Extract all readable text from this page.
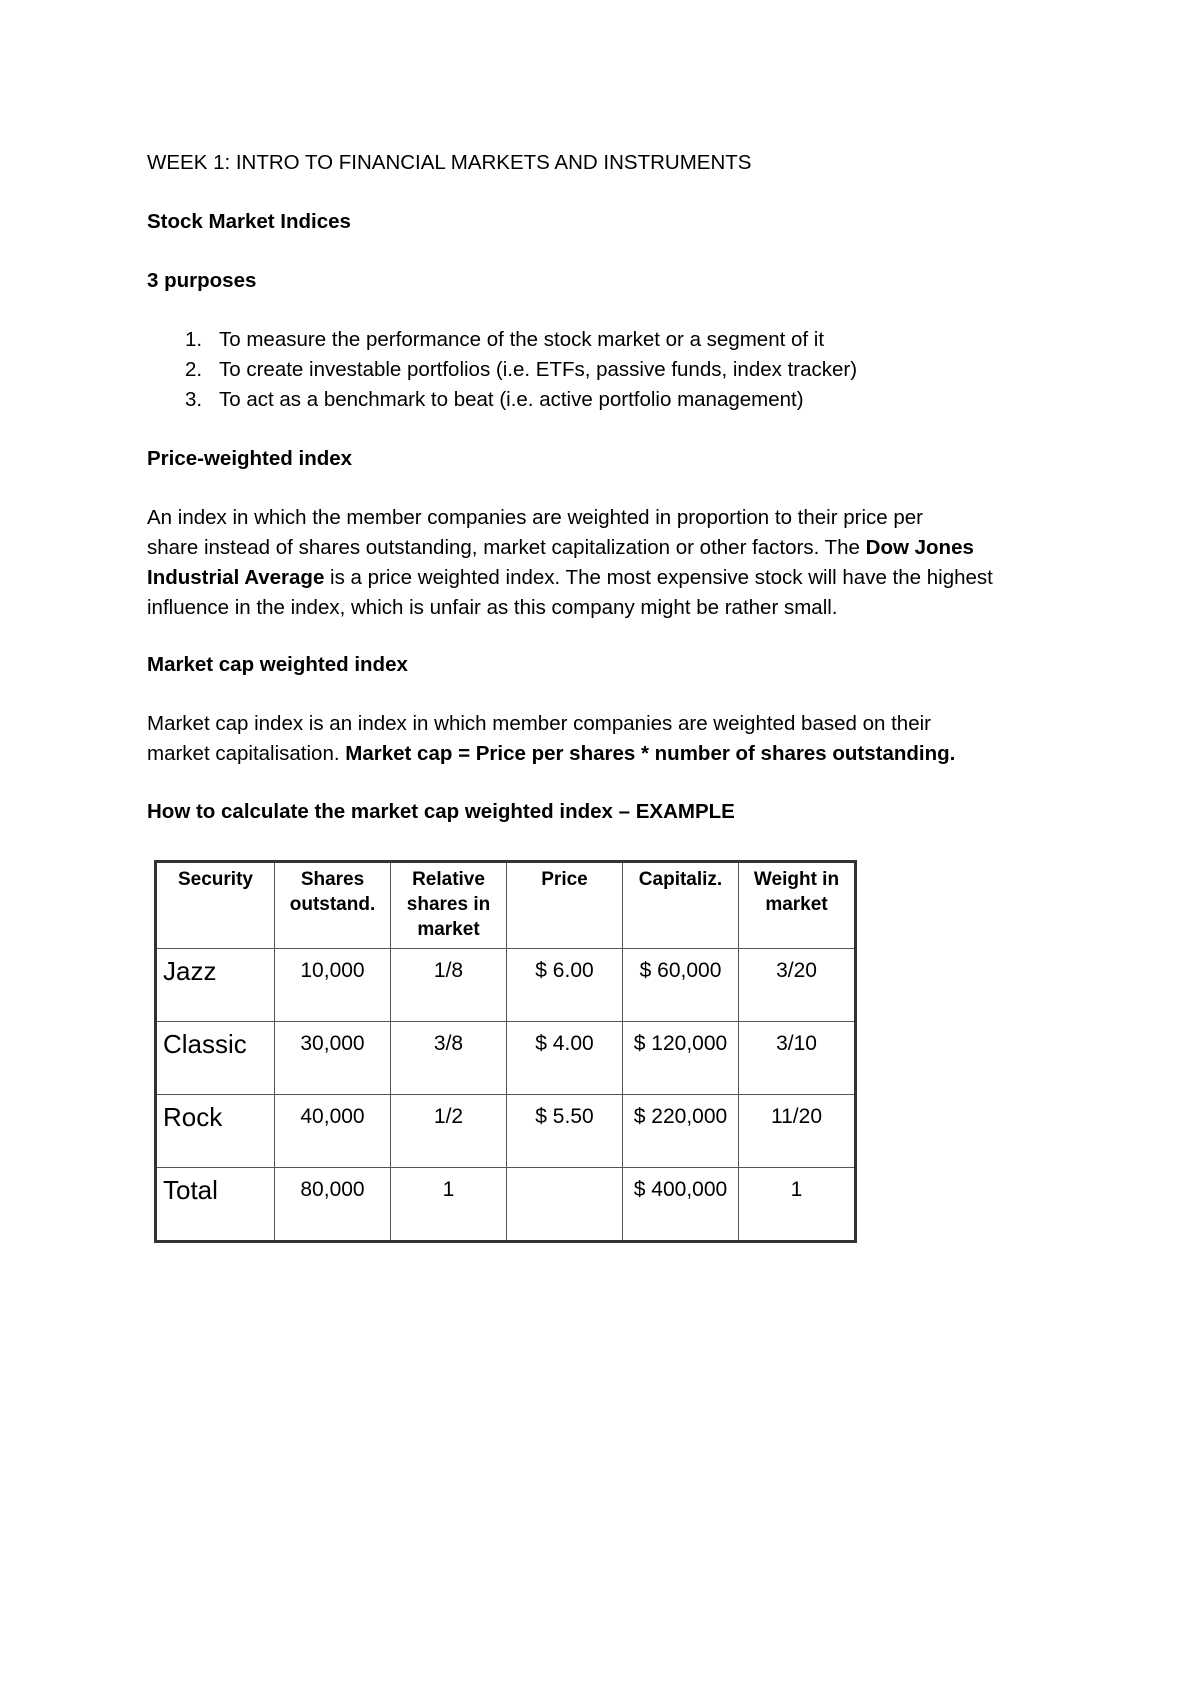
WEEK 1: INTRO TO FINANCIAL MARKETS AND INSTRUMENTS

Stock Market Indices

3 purposes

1. To measure the performance of the stock market or a segment of it
2. To create investable portfolios (i.e. ETFs, passive funds, index tracker)
3. To act as a benchmark to beat (i.e. active portfolio management)

Price-weighted index

An index in which the member companies are weighted in proportion to their price per

share instead of shares outstanding, market capitalization or other factors. The Dow Jones

Industrial Average is a price weighted index. The most expensive stock will have the highest

influence in the index, which is unfair as this company might be rather small.

Market cap weighted index

Market cap index is an index in which member companies are weighted based on their

market capitalisation. Market cap = Price per shares * number of shares outstanding.

How to calculate the market cap weighted index – EXAMPLE

Security	Shares outstand.	Relative shares in market	Price	Capitaliz.	Weight in market
Jazz	10,000	1/8	$ 6.00	$ 60,000	3/20
Classic	30,000	3/8	$ 4.00	$ 120,000	3/10
Rock	40,000	1/2	$ 5.50	$ 220,000	11/20
Total	80,000	1		$ 400,000	1
